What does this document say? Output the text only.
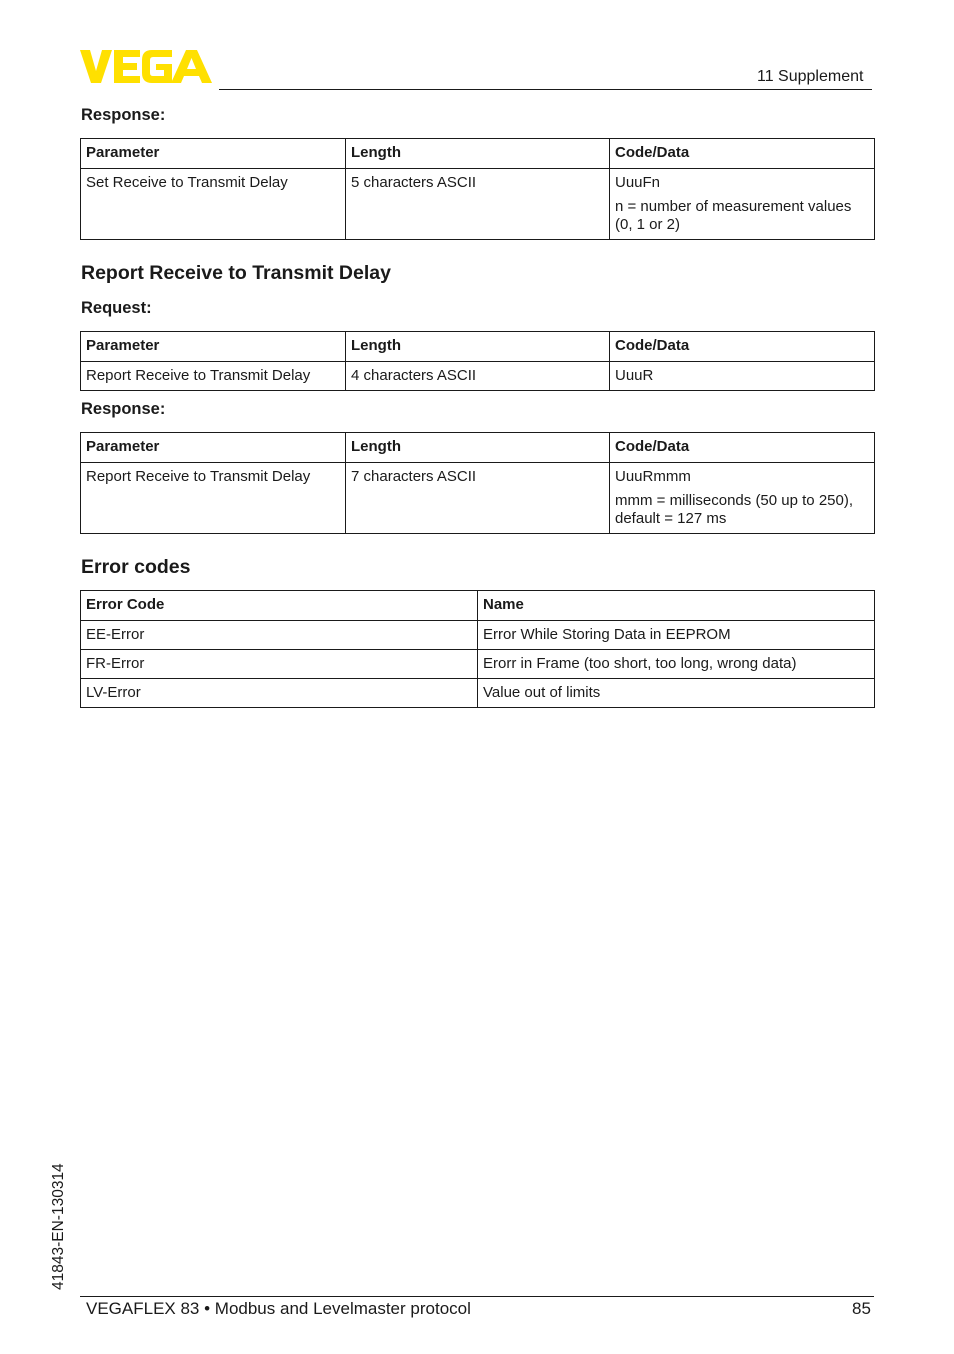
11 Supplement
Response:
Parameter	Length	Code/Data
Set Receive to Transmit Delay	5 characters ASCII	UuuFn

n = number of measurement values (0, 1 or 2)

Report Receive to Transmit Delay
Request:
Parameter	Length	Code/Data
Report Receive to Transmit Delay	4 characters ASCII	UuuR
Response:
Parameter	Length	Code/Data
Report Receive to Transmit Delay	7 characters ASCII	UuuRmmm

mmm = milliseconds (50 up to 250), default = 127 ms

Error codes
Error Code	Name
EE-Error	Error While Storing Data in EEPROM
FR-Error	Erorr in Frame (too short, too long, wrong data)
LV-Error	Value out of limits
41843-EN-130314
VEGAFLEX 83 • Modbus and Levelmaster protocol	85
